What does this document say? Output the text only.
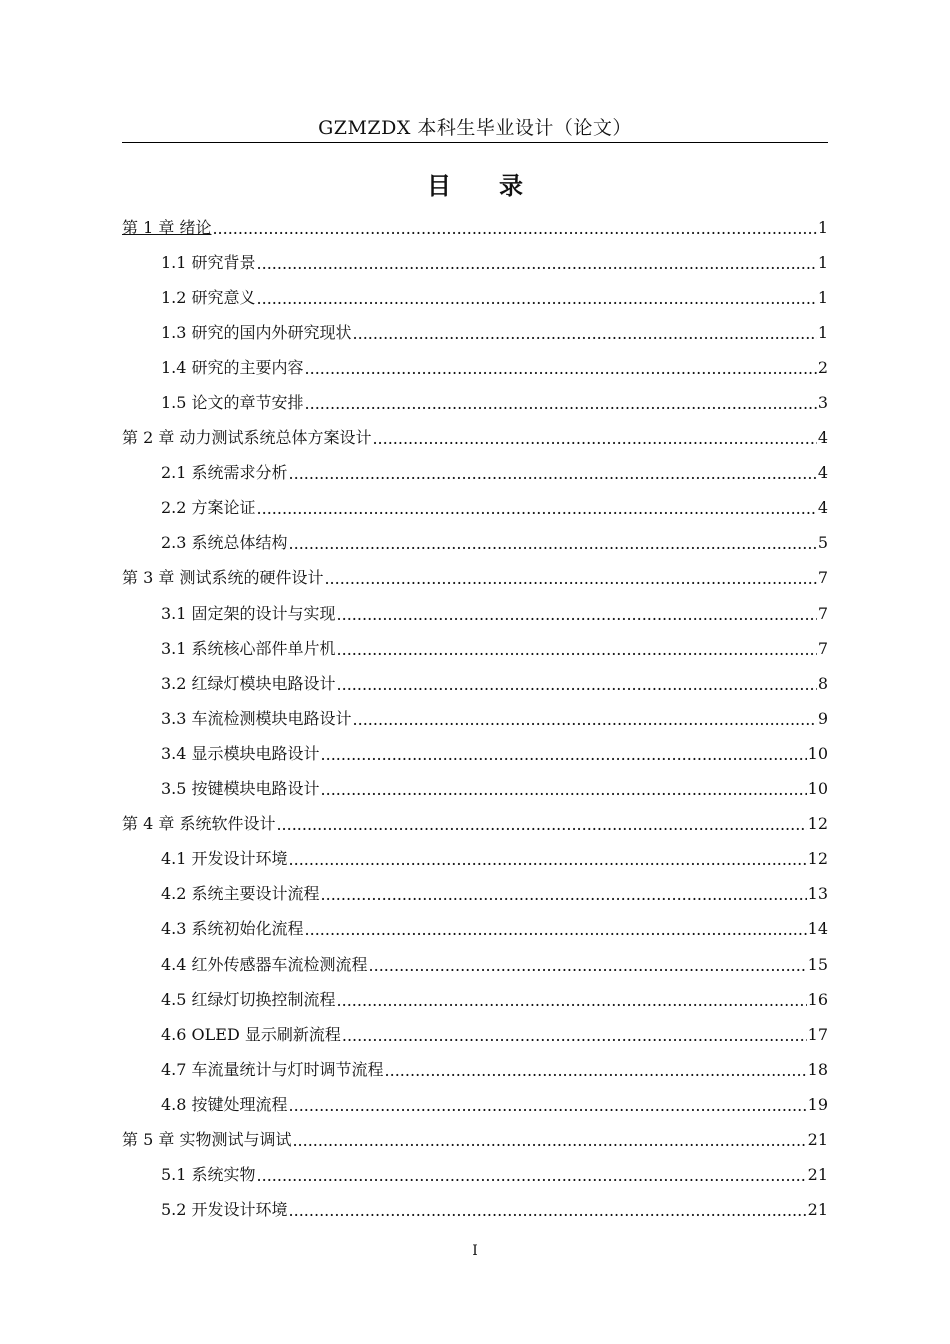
GZMZDX 本科生毕业设计（论文）
目 录
第 1 章 绪论 .....	1
1.1 研究背景 .....	1
1.2 研究意义 .....	1
1.3 研究的国内外研究现状 .....	1
1.4 研究的主要内容 .....	2
1.5 论文的章节安排 .....	3
第 2 章 动力测试系统总体方案设计 .....	4
2.1 系统需求分析 .....	4
2.2 方案论证 .....	4
2.3 系统总体结构 .....	5
第 3 章 测试系统的硬件设计 .....	7
3.1 固定架的设计与实现 .....	7
3.1 系统核心部件单片机 .....	7
3.2 红绿灯模块电路设计 .....	8
3.3 车流检测模块电路设计 .....	9
3.4 显示模块电路设计 .....	10
3.5 按键模块电路设计 .....	10
第 4 章 系统软件设计 .....	12
4.1 开发设计环境 .....	12
4.2 系统主要设计流程 .....	13
4.3 系统初始化流程 .....	14
4.4 红外传感器车流检测流程 .....	15
4.5 红绿灯切换控制流程 .....	16
4.6 OLED 显示刷新流程 .....	17
4.7 车流量统计与灯时调节流程 .....	18
4.8 按键处理流程 .....	19
第 5 章 实物测试与调试 .....	21
5.1 系统实物 .....	21
5.2 开发设计环境 .....	21
I
